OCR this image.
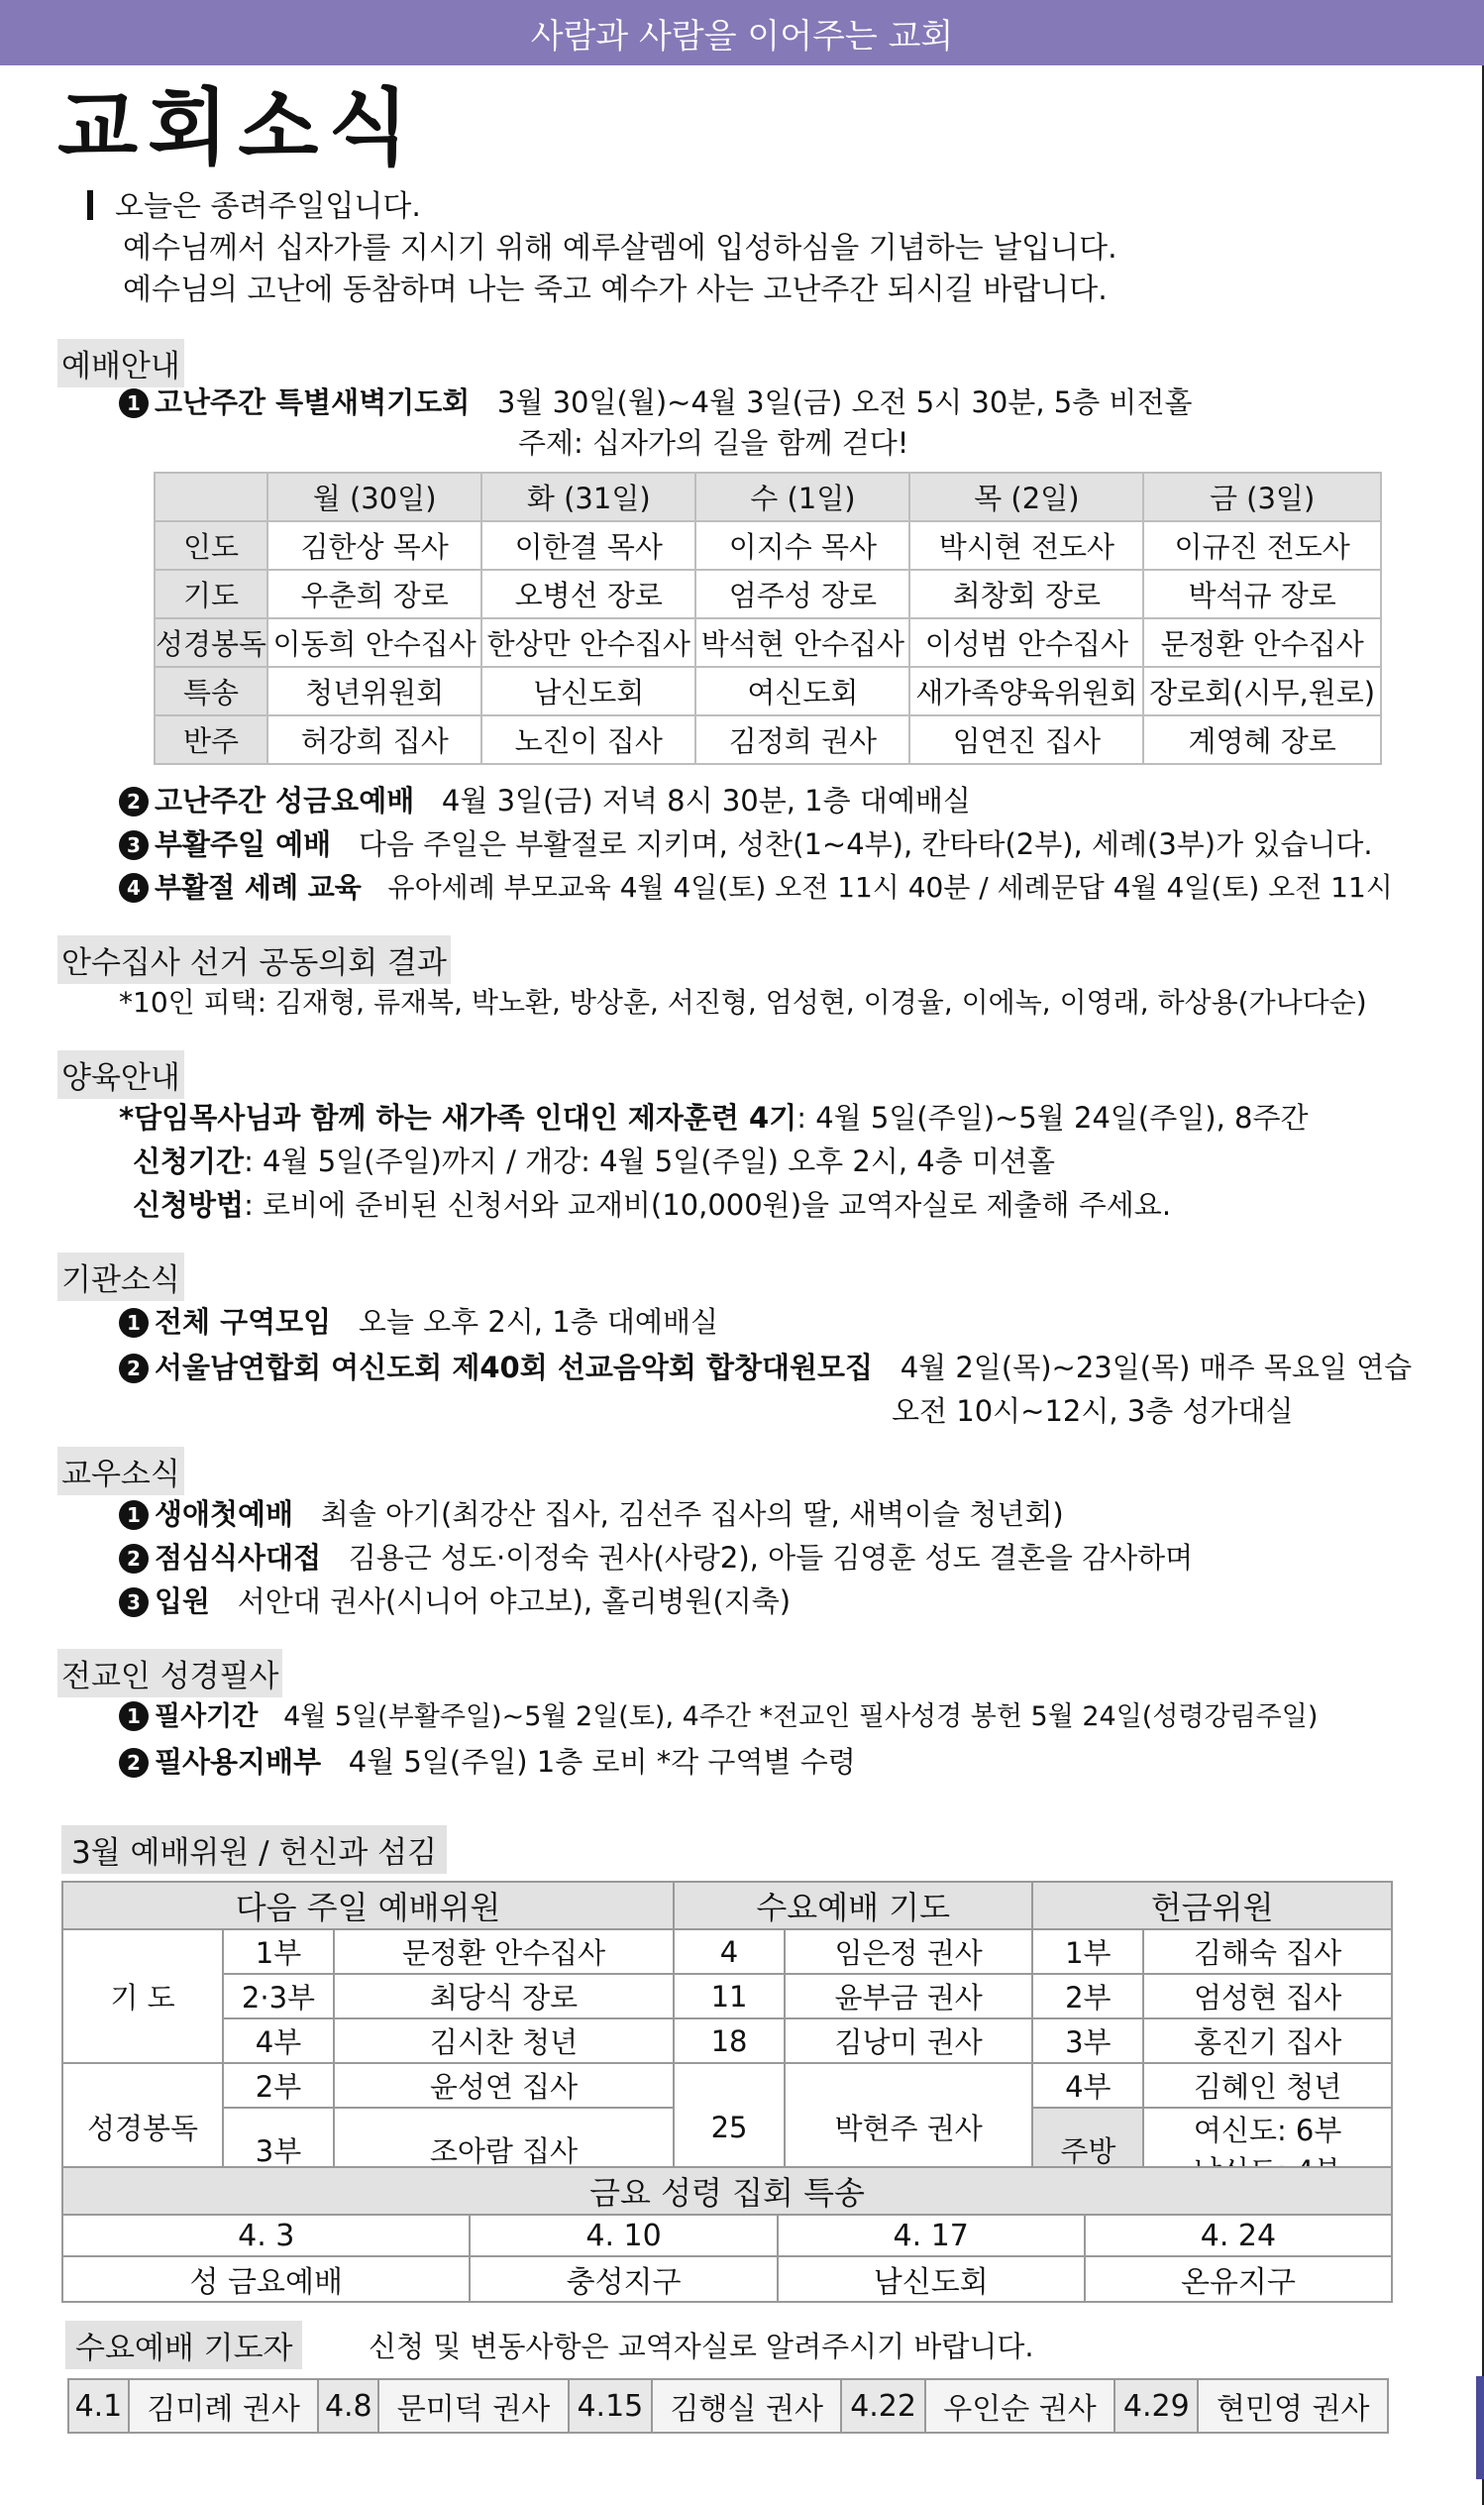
사람과 사람을 이어주는 교회
교회소식
오늘은 종려주일입니다.
예수님께서 십자가를 지시기 위해 예루살렘에 입성하심을 기념하는 날입니다.
예수님의 고난에 동참하며 나는 죽고 예수가 사는 고난주간 되시길 바랍니다.
예배안내
1 고난주간 특별새벽기도회 3월 30일(월)~4월 3일(금) 오전 5시 30분, 5층 비전홀
주제: 십자가의 길을 함께 걷다!
	월 (30일)	화 (31일)	수 (1일)	목 (2일)	금 (3일)
인도	김한상 목사	이한결 목사	이지수 목사	박시현 전도사	이규진 전도사
기도	우춘희 장로	오병선 장로	엄주성 장로	최창회 장로	박석규 장로
성경봉독	이동희 안수집사	한상만 안수집사	박석현 안수집사	이성범 안수집사	문정환 안수집사
특송	청년위원회	남신도회	여신도회	새가족양육위원회	장로회(시무,원로)
반주	허강희 집사	노진이 집사	김정희 권사	임연진 집사	계영혜 장로
2 고난주간 성금요예배 4월 3일(금) 저녁 8시 30분, 1층 대예배실
3 부활주일 예배 다음 주일은 부활절로 지키며, 성찬(1~4부), 칸타타(2부), 세례(3부)가 있습니다.
4 부활절 세례 교육 유아세례 부모교육 4월 4일(토) 오전 11시 40분 / 세례문답 4월 4일(토) 오전 11시
안수집사 선거 공동의회 결과
*10인 피택: 김재형, 류재복, 박노환, 방상훈, 서진형, 엄성현, 이경율, 이에녹, 이영래, 하상용(가나다순)
양육안내
*담임목사님과 함께 하는 새가족 인대인 제자훈련 4기: 4월 5일(주일)~5월 24일(주일), 8주간
신청기간: 4월 5일(주일)까지 / 개강: 4월 5일(주일) 오후 2시, 4층 미션홀
신청방법: 로비에 준비된 신청서와 교재비(10,000원)을 교역자실로 제출해 주세요.
기관소식
1 전체 구역모임 오늘 오후 2시, 1층 대예배실
2 서울남연합회 여신도회 제40회 선교음악회 합창대원모집 4월 2일(목)~23일(목) 매주 목요일 연습
오전 10시~12시, 3층 성가대실
교우소식
1 생애첫예배 최솔 아기(최강산 집사, 김선주 집사의 딸, 새벽이슬 청년회)
2 점심식사대접 김용근 성도·이정숙 권사(사랑2), 아들 김영훈 성도 결혼을 감사하며
3 입원 서안대 권사(시니어 야고보), 홀리병원(지축)
전교인 성경필사
1 필사기간 4월 5일(부활주일)~5월 2일(토), 4주간 *전교인 필사성경 봉헌 5월 24일(성령강림주일)
2 필사용지배부 4월 5일(주일) 1층 로비 *각 구역별 수령
3월 예배위원 / 헌신과 섬김
다음 주일 예배위원			수요예배 기도		헌금위원	
기 도	1부	문정환 안수집사	4	임은정 권사	1부	김해숙 집사
	2·3부	최당식 장로	11	윤부금 권사	2부	엄성현 집사
	4부	김시찬 청년	18	김낭미 권사	3부	홍진기 집사
성경봉독	2부	윤성연 집사	25	박현주 권사	4부	김혜인 청년
	3부	조아람 집사			주방	여신도: 6부
금요 성령 집회 특송			
4. 3	4. 10	4. 17	4. 24
성 금요예배	충성지구	남신도회	온유지구
수요예배 기도자	신청 및 변동사항은 교역자실로 알려주시기 바랍니다.
4.1	김미례 권사	4.8	문미덕 권사	4.15	김행실 권사	4.22	우인순 권사	4.29	현민영 권사
